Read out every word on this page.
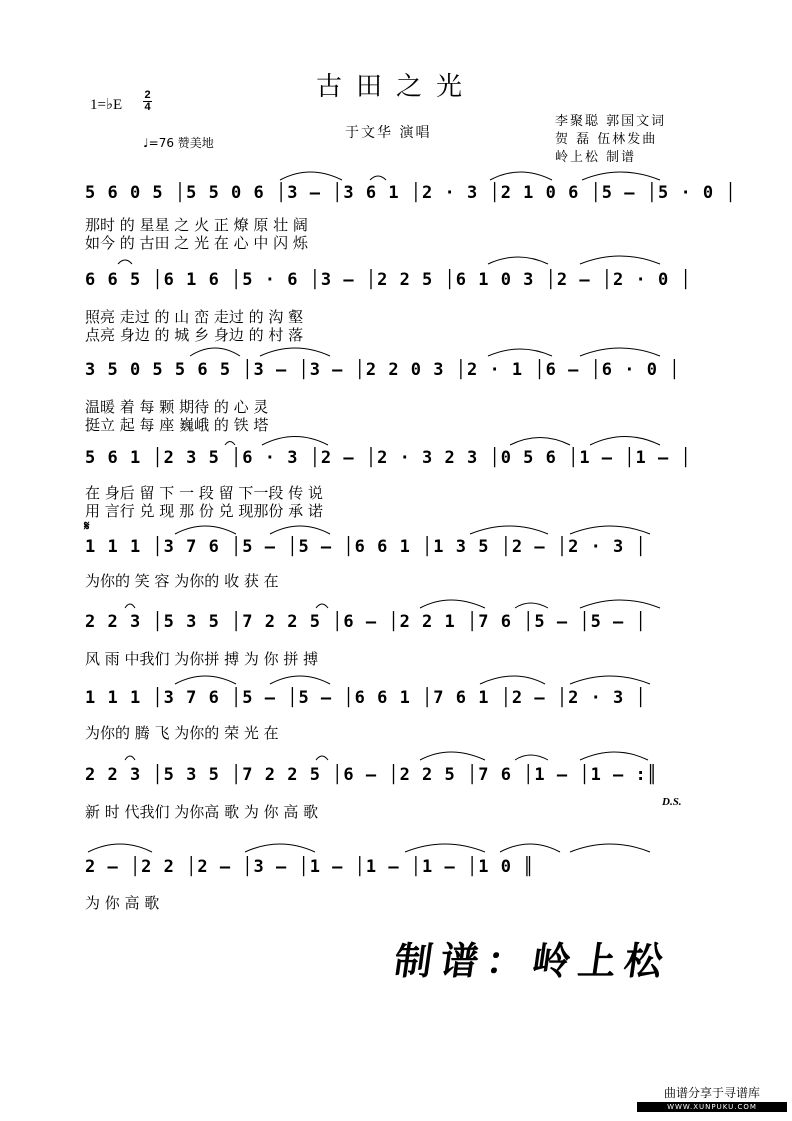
古田之光
1=♭E
2
4
♩=76 赞美地
于文华 演唱
李聚聪 郭国文词
贺 磊 伍林发曲
岭上松 制谱
5 6 0 5 │5 5 0 6 │3 – │3 6 1 │2 · 3 │2 1 0 6 │5 – │5 · 0 │
那时 的 星星 之 火 正 燎 原 壮 阔
如今 的 古田 之 光 在 心 中 闪 烁
6 6 5 │6 1 6 │5 · 6 │3 – │2 2 5 │6 1 0 3 │2 – │2 · 0 │
照亮 走过 的 山 峦 走过 的 沟 壑
点亮 身边 的 城 乡 身边 的 村 落
3 5 0 5 5 6 5 │3 – │3 – │2 2 0 3 │2 · 1 │6 – │6 · 0 │
温暖 着 每 颗 期待 的 心 灵
挺立 起 每 座 巍峨 的 铁 塔
5 6 1 │2 3 5 │6 · 3 │2 – │2 · 3 2 3 │0 5 6 │1 – │1 – │
在 身后 留 下 一 段 留 下一段 传 说
用 言行 兑 现 那 份 兑 现那份 承 诺
𝄋
1 1 1 │3 7 6 │5 – │5 – │6 6 1 │1 3 5 │2 – │2 · 3 │
为你的 笑 容 为你的 收 获 在
2 2 3 │5 3 5 │7 2 2 5 │6 – │2 2 1 │7 6 │5 – │5 – │
风 雨 中我们 为你拼 搏 为 你 拼 搏
1 1 1 │3 7 6 │5 – │5 – │6 6 1 │7 6 1 │2 – │2 · 3 │
为你的 腾 飞 为你的 荣 光 在
2 2 3 │5 3 5 │7 2 2 5 │6 – │2 2 5 │7 6 │1 – │1 – :║
新 时 代我们 为你高 歌 为 你 高 歌
D.S.
2 – │2 2 │2 – │3 – │1 – │1 – │1 – │1 0 ║
为 你 高 歌
制谱：岭上松
曲谱分享于寻谱库
WWW.XUNPUKU.COM
